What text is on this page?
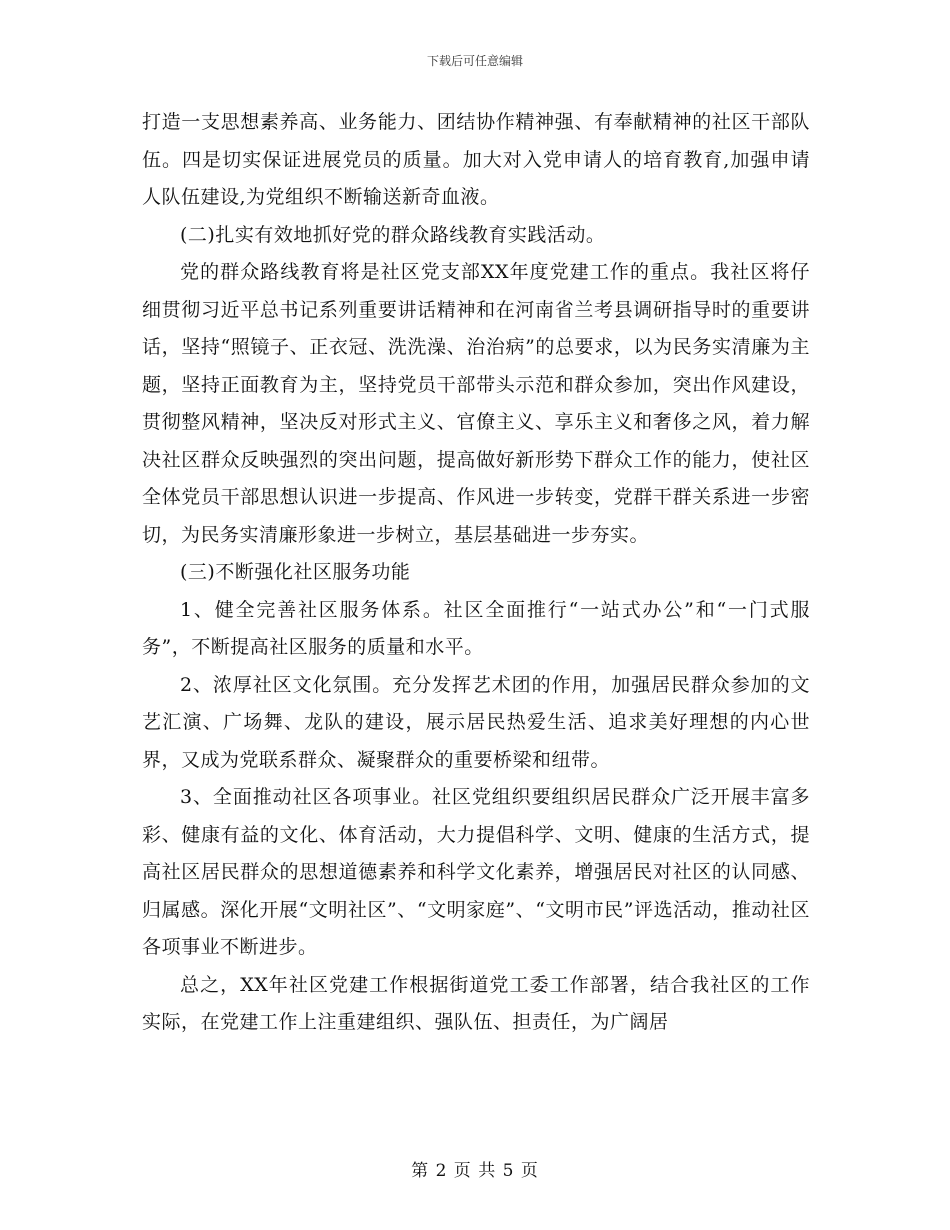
下载后可任意编辑

打造一支思想素养高、业务能力、团结协作精神强、有奉献精神的社区干部队伍。四是切实保证进展党员的质量。加大对入党申请人的培育教育,加强申请人队伍建设,为党组织不断输送新奇血液。

(二)扎实有效地抓好党的群众路线教育实践活动。

党的群众路线教育将是社区党支部XX年度党建工作的重点。我社区将仔细贯彻习近平总书记系列重要讲话精神和在河南省兰考县调研指导时的重要讲话，坚持“照镜子、正衣冠、洗洗澡、治治病”的总要求，以为民务实清廉为主题，坚持正面教育为主，坚持党员干部带头示范和群众参加，突出作风建设，贯彻整风精神，坚决反对形式主义、官僚主义、享乐主义和奢侈之风，着力解决社区群众反映强烈的突出问题，提高做好新形势下群众工作的能力，使社区全体党员干部思想认识进一步提高、作风进一步转变，党群干群关系进一步密切，为民务实清廉形象进一步树立，基层基础进一步夯实。

(三)不断强化社区服务功能

1、健全完善社区服务体系。社区全面推行“一站式办公”和“一门式服务”，不断提高社区服务的质量和水平。

2、浓厚社区文化氛围。充分发挥艺术团的作用，加强居民群众参加的文艺汇演、广场舞、龙队的建设，展示居民热爱生活、追求美好理想的内心世界，又成为党联系群众、凝聚群众的重要桥梁和纽带。

3、全面推动社区各项事业。社区党组织要组织居民群众广泛开展丰富多彩、健康有益的文化、体育活动，大力提倡科学、文明、健康的生活方式，提高社区居民群众的思想道德素养和科学文化素养，增强居民对社区的认同感、归属感。深化开展“文明社区”、“文明家庭”、“文明市民”评选活动，推动社区各项事业不断进步。

总之，XX年社区党建工作根据街道党工委工作部署，结合我社区的工作实际，在党建工作上注重建组织、强队伍、担责任，为广阔居

第 2 页 共 5 页
